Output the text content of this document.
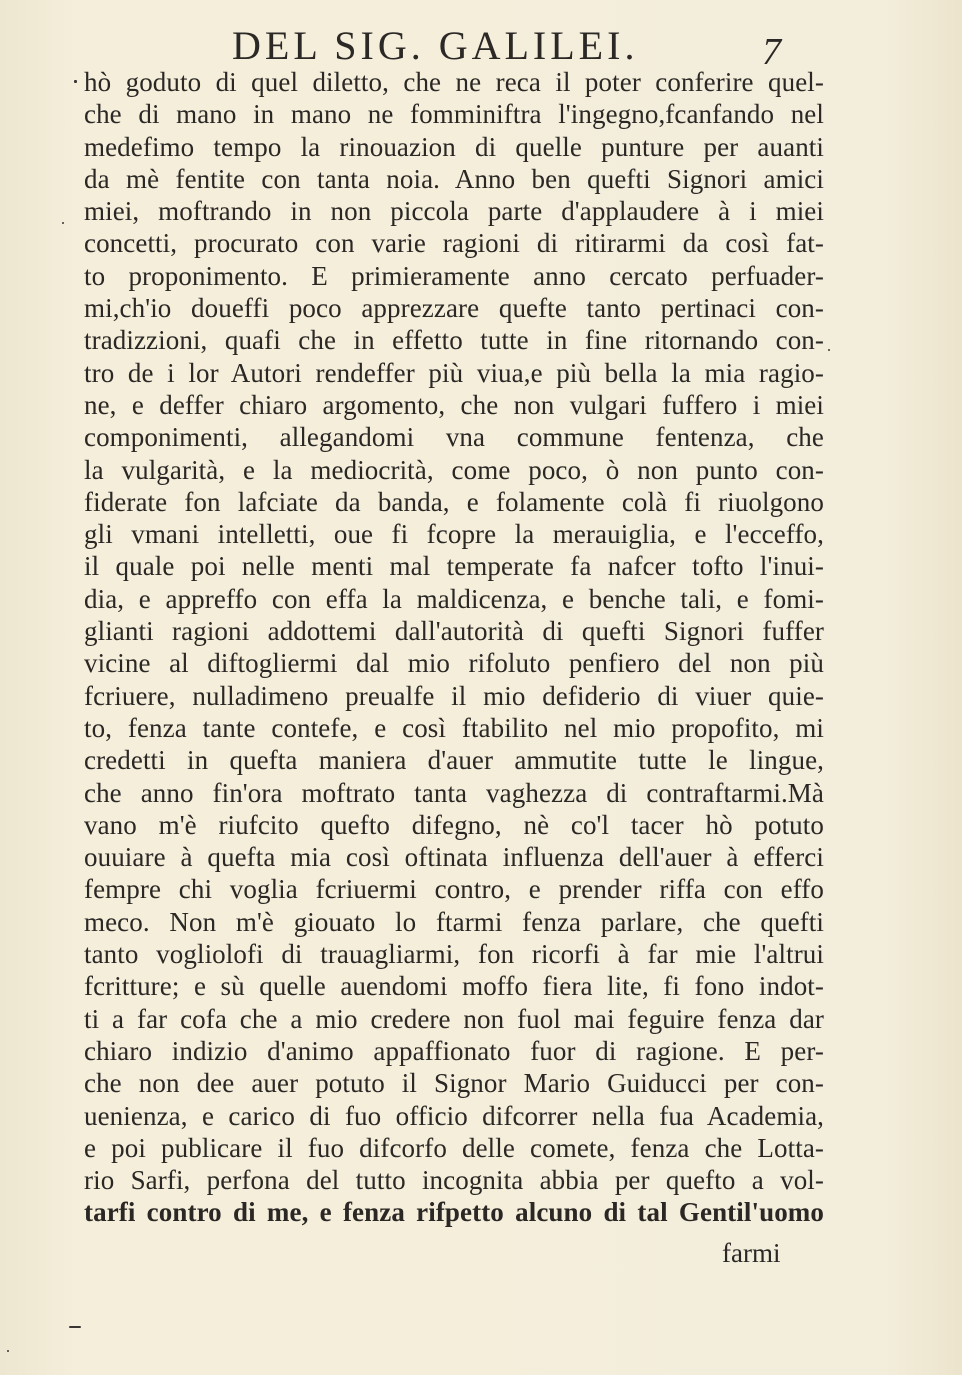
DEL SIG. GALILEI.	7
hò goduto di quel diletto, che ne reca il poter conferire quel-
che di mano in mano ne fomminiftra l'ingegno,fcanfando nel
medefimo tempo la rinouazion di quelle punture per auanti
da mè fentite con tanta noia. Anno ben quefti Signori amici
miei, moftrando in non piccola parte d'applaudere à i miei
concetti, procurato con varie ragioni di ritirarmi da così fat-
to proponimento. E primieramente anno cercato perfuader-
mi,ch'io doueffi poco apprezzare quefte tanto pertinaci con-
tradizzioni, quafi che in effetto tutte in fine ritornando con-
tro de i lor Autori rendeffer più viua,e più bella la mia ragio-
ne, e deffer chiaro argomento, che non vulgari fuffero i miei
componimenti, allegandomi vna commune fentenza, che
la vulgarità, e la mediocrità, come poco, ò non punto con-
fiderate fon lafciate da banda, e folamente colà fi riuolgono
gli vmani intelletti, oue fi fcopre la merauiglia, e l'ecceffo,
il quale poi nelle menti mal temperate fa nafcer tofto l'inui-
dia, e appreffo con effa la maldicenza, e benche tali, e fomi-
glianti ragioni addottemi dall'autorità di quefti Signori fuffer
vicine al diftogliermi dal mio rifoluto penfiero del non più
fcriuere, nulladimeno preualfe il mio defiderio di viuer quie-
to, fenza tante contefe, e così ftabilito nel mio propofito, mi
credetti in quefta maniera d'auer ammutite tutte le lingue,
che anno fin'ora moftrato tanta vaghezza di contraftarmi.Mà
vano m'è riufcito quefto difegno, nè co'l tacer hò potuto
ouuiare à quefta mia così oftinata influenza dell'auer à efferci
fempre chi voglia fcriuermi contro, e prender riffa con effo
meco. Non m'è giouato lo ftarmi fenza parlare, che quefti
tanto vogliolofi di trauagliarmi, fon ricorfi à far mie l'altrui
fcritture; e sù quelle auendomi moffo fiera lite, fi fono indot-
ti a far cofa che a mio credere non fuol mai feguire fenza dar
chiaro indizio d'animo appaffionato fuor di ragione. E per-
che non dee auer potuto il Signor Mario Guiducci per con-
uenienza, e carico di fuo officio difcorrer nella fua Academia,
e poi publicare il fuo difcorfo delle comete, fenza che Lotta-
rio Sarfi, perfona del tutto incognita abbia per quefto a vol-
tarfi contro di me, e fenza rifpetto alcuno di tal Gentil'uomo
farmi
